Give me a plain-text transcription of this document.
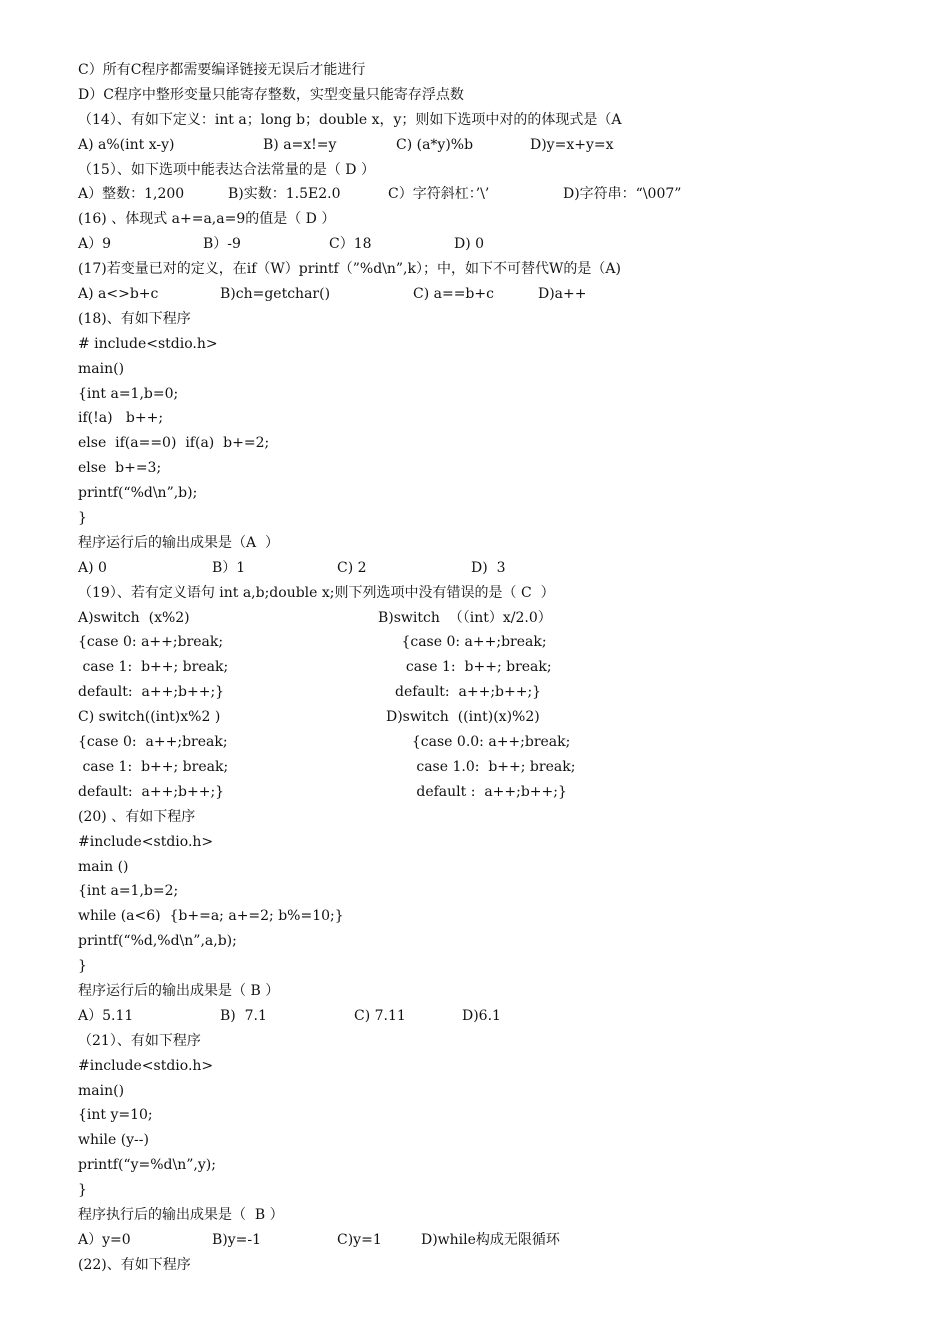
C）所有C程序都需要编译链接无误后才能进行
D）C程序中整形变量只能寄存整数，实型变量只能寄存浮点数
（14）、有如下定义：int a；long b；double x，y；则如下选项中对的的体现式是（A
A) a%(int x-y)	B) a=x!=y	C) (a*y)%b	D)y=x+y=x
（15）、如下选项中能表达合法常量的是（ D ）
A）整数：1,200	B)实数：1.5E2.0	C）字符斜杠：’\’	D)字符串：“\007”
(16) 、体现式 a+=a,a=9的值是（ D ）
A）9	B）-9	C）18	D) 0
(17)若变量已对的定义，在if（W）printf（”%d\n”,k）；中，如下不可替代W的是（A)
A) a<>b+c	B)ch=getchar()	C) a==b+c	D)a++
(18)、有如下程序
# include<stdio.h>
main()
{int a=1,b=0;
if(!a)   b++;
else  if(a==0)  if(a)  b+=2;
else  b+=3;
printf(“%d\n”,b);
}
程序运行后的输出成果是（A  ）
A) 0	B）1	C) 2	D)  3
（19）、若有定义语句 int a,b;double x;则下列选项中没有错误的是（ C  ）
A)switch  (x%2)	B)switch  （（int）x/2.0）
{case 0: a++;break;	{case 0: a++;break;
case 1:  b++; break;	case 1:  b++; break;
default:  a++;b++;}	default:  a++;b++;}
C) switch((int)x%2 )	D)switch  ((int)(x)%2)
{case 0:  a++;break;	{case 0.0: a++;break;
case 1:  b++; break;	case 1.0:  b++; break;
default:  a++;b++;}	default :  a++;b++;}
(20) 、有如下程序
#include<stdio.h>
main ()
{int a=1,b=2;
while (a<6)  {b+=a; a+=2; b%=10;}
printf(“%d,%d\n”,a,b);
}
程序运行后的输出成果是（ B ）
A）5.11	B)  7.1	C) 7.11	D)6.1
（21）、有如下程序
#include<stdio.h>
main()
{int y=10;
while (y--)
printf(“y=%d\n”,y);
}
程序执行后的输出成果是（  B ）
A）y=0	B)y=-1	C)y=1	D)while构成无限循环
(22)、有如下程序
